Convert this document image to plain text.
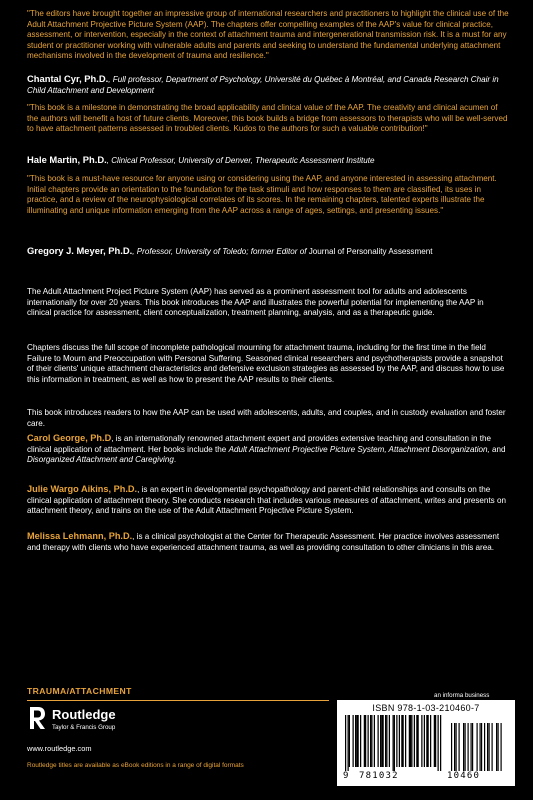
"The editors have brought together an impressive group of international researchers and practitioners to highlight the clinical use of the Adult Attachment Projective Picture System (AAP). The chapters offer compelling examples of the AAP's value for clinical practice, assessment, or intervention, especially in the context of attachment trauma and intergenerational transmission risk. It is a must for any student or practitioner working with vulnerable adults and parents and seeking to understand the fundamental underlying attachment mechanisms involved in the development of trauma and resilience."

Chantal Cyr, Ph.D., Full professor, Department of Psychology, Université du Québec à Montréal, and Canada Research Chair in Child Attachment and Development

"This book is a milestone in demonstrating the broad applicability and clinical value of the AAP. The creativity and clinical acumen of the authors will benefit a host of future clients. Moreover, this book builds a bridge from assessors to therapists who will be well-served to have attachment patterns assessed in troubled clients. Kudos to the authors for such a valuable contribution!"

Hale Martin, Ph.D., Clinical Professor, University of Denver, Therapeutic Assessment Institute

"This book is a must-have resource for anyone using or considering using the AAP, and anyone interested in assessing attachment. Initial chapters provide an orientation to the foundation for the task stimuli and how responses to them are classified, its uses in practice, and a review of the neurophysiological correlates of its scores. In the remaining chapters, talented experts illustrate the illuminating and unique information emerging from the AAP across a range of ages, settings, and presenting issues."

Gregory J. Meyer, Ph.D., Professor, University of Toledo; former Editor of Journal of Personality Assessment

The Adult Attachment Project Picture System (AAP) has served as a prominent assessment tool for adults and adolescents internationally for over 20 years. This book introduces the AAP and illustrates the powerful potential for implementing the AAP in clinical practice for assessment, client conceptualization, treatment planning, analysis, and as a therapeutic guide.

Chapters discuss the full scope of incomplete pathological mourning for attachment trauma, including for the first time in the field Failure to Mourn and Preoccupation with Personal Suffering. Seasoned clinical researchers and psychotherapists provide a snapshot of their clients' unique attachment characteristics and defensive exclusion strategies as assessed by the AAP, and discuss how to use this information in treatment, as well as how to present the AAP results to their clients.

This book introduces readers to how the AAP can be used with adolescents, adults, and couples, and in custody evaluation and foster care.

Carol George, Ph.D, is an internationally renowned attachment expert and provides extensive teaching and consultation in the clinical application of attachment. Her books include the Adult Attachment Projective Picture System, Attachment Disorganization, and Disorganized Attachment and Caregiving.

Julie Wargo Aikins, Ph.D., is an expert in developmental psychopathology and parent-child relationships and consults on the clinical application of attachment theory. She conducts research that includes various measures of attachment, writes and presents on attachment theory, and trains on the use of the Adult Attachment Projective Picture System.

Melissa Lehmann, Ph.D., is a clinical psychologist at the Center for Therapeutic Assessment. Her practice involves assessment and therapy with clients who have experienced attachment trauma, as well as providing consultation to other clinicians in this area.

TRAUMA/ATTACHMENT
Routledge
Taylor & Francis Group
www.routledge.com
Routledge titles are available as eBook editions in a range of digital formats
an informa business
ISBN 978-1-03-210460-7
9 781032	10460
